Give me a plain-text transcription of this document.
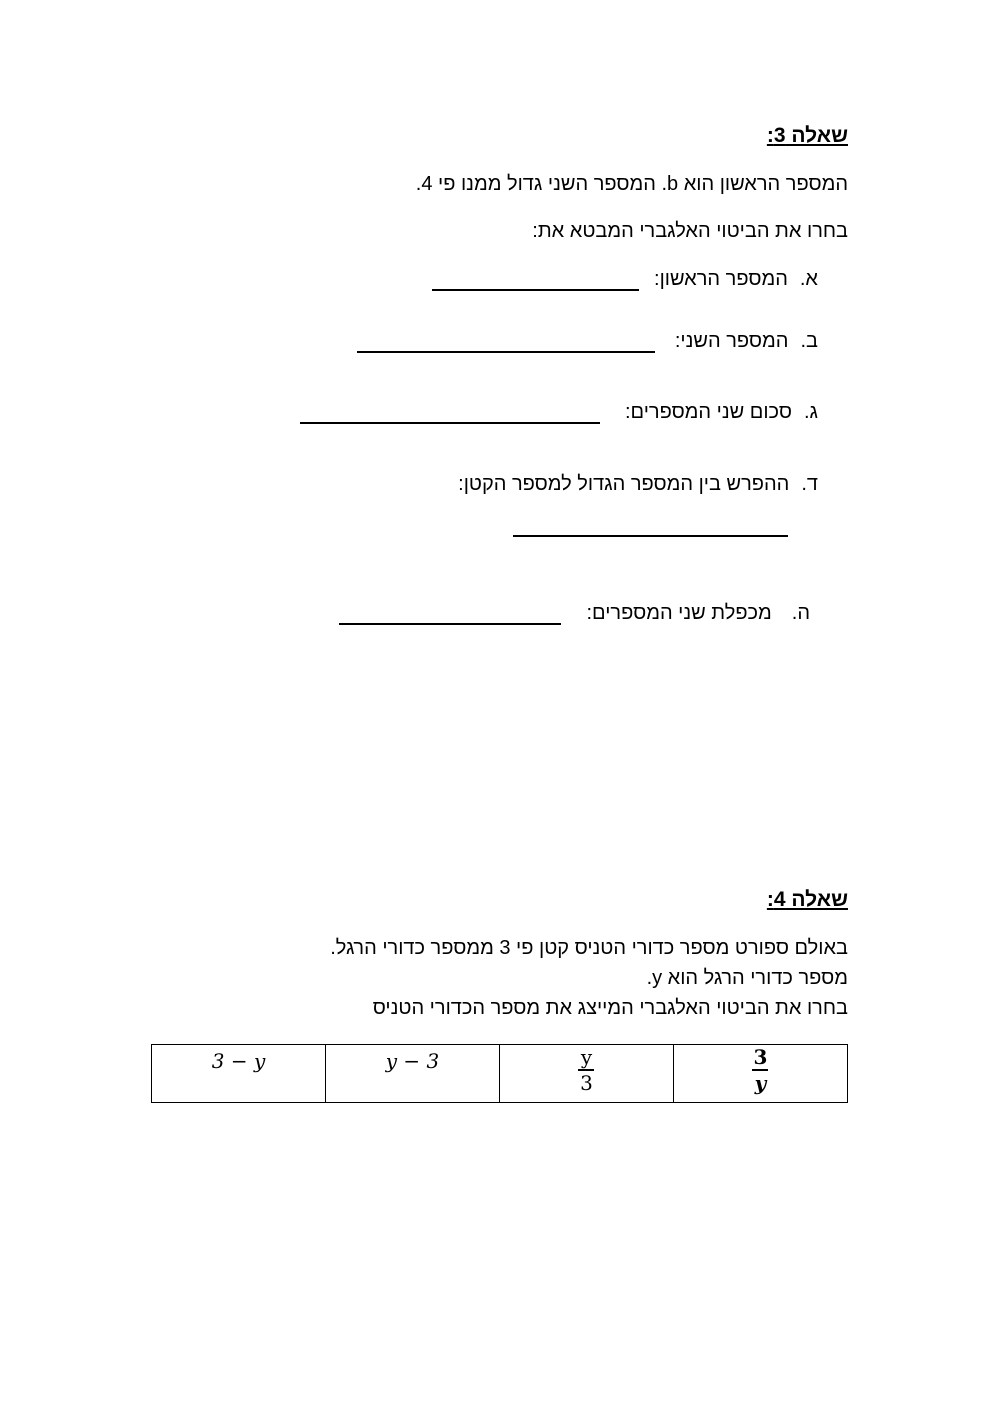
שאלה 3:
המספר הראשון הוא b. המספר השני גדול ממנו פי 4.
בחרו את הביטוי האלגברי המבטא את:
א.המספר הראשון:
ב.המספר השני:
ג.סכום שני המספרים:
ד.ההפרש בין המספר הגדול למספר הקטן:
ה.מכפלת שני המספרים:
שאלה 4:
באולם ספורט מספר כדורי הטניס קטן פי 3 ממספר כדורי הרגל.
מספר כדורי הרגל הוא y.
בחרו את הביטוי האלגברי המייצג את מספר הכדורי הטניס
3 − 𝑦	𝑦 − 3	$\frac{y}{3}$	$\frac{3}{\text{𝒚}}$
